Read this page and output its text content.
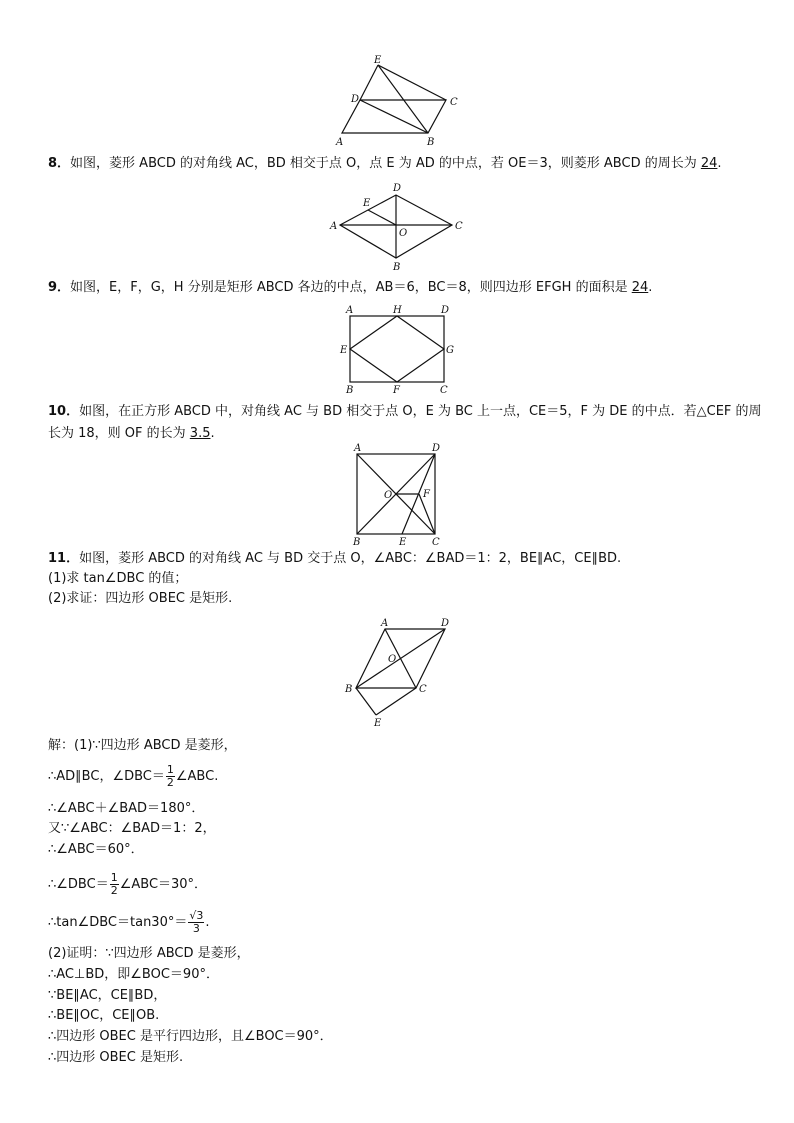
E
D	C
A	B
8．如图，菱形 ABCD 的对角线 AC，BD 相交于点 O，点 E 为 AD 的中点，若 OE＝3，则菱形 ABCD 的周长为 24.
D
E
A
O
C
B
9．如图，E，F，G，H 分别是矩形 ABCD 各边的中点，AB＝6，BC＝8，则四边形 EFGH 的面积是 24.
A	H	D
E	G
B	F	C
10．如图，在正方形 ABCD 中，对角线 AC 与 BD 相交于点 O，E 为 BC 上一点，CE＝5，F 为 DE 的中点．若△CEF 的周
长为 18，则 OF 的长为 3.5.
A	D
O	F
B	E	C
11．如图，菱形 ABCD 的对角线 AC 与 BD 交于点 O，∠ABC：∠BAD＝1：2，BE∥AC，CE∥BD.
(1)求 tan∠DBC 的值；
(2)求证：四边形 OBEC 是矩形.
A	D
O
B	C
E
解：(1)∵四边形 ABCD 是菱形，
∴AD∥BC，∠DBC＝ $\frac{1}{2}$ ∠ABC.
∴∠ABC＋∠BAD＝180°．
又∵∠ABC：∠BAD＝1：2，
∴∠ABC＝60°．
∴∠DBC＝ $\frac{1}{2}$ ∠ABC＝30°．
∴tan∠DBC＝tan30°＝ $\frac{√3}{3}$ .
(2)证明：∵四边形 ABCD 是菱形，
∴AC⊥BD，即∠BOC＝90°．
∵BE∥AC，CE∥BD，
∴BE∥OC，CE∥OB.
∴四边形 OBEC 是平行四边形，且∠BOC＝90°．
∴四边形 OBEC 是矩形.
